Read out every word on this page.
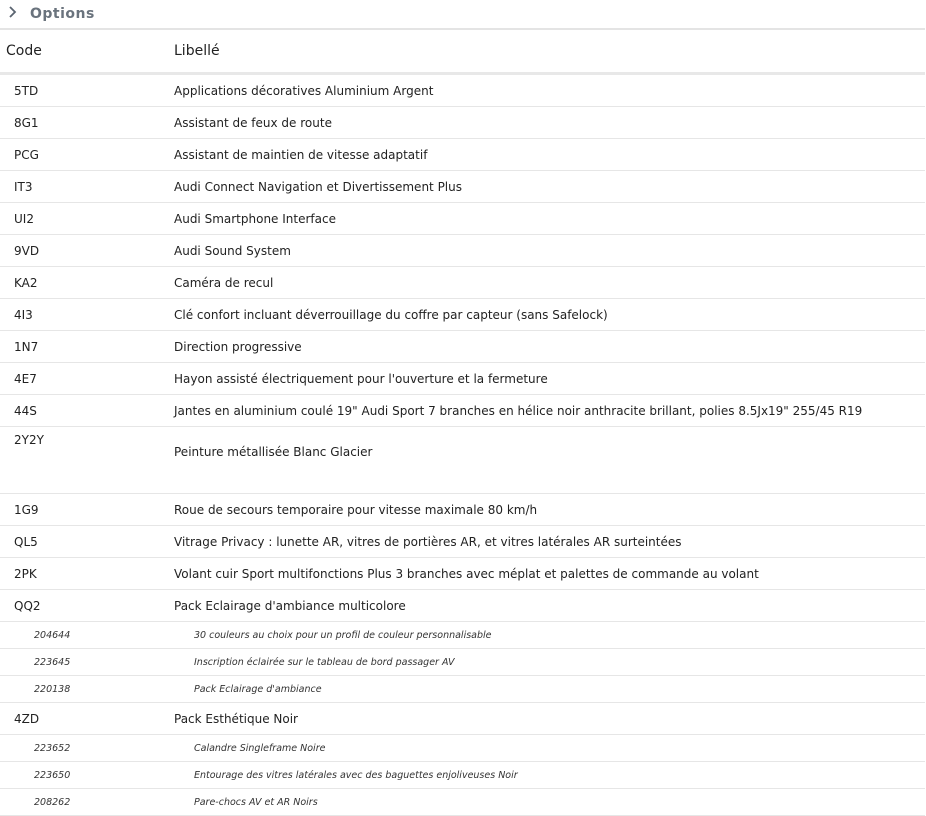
Options
Code	Libellé
5TD	Applications décoratives Aluminium Argent
8G1	Assistant de feux de route
PCG	Assistant de maintien de vitesse adaptatif
IT3	Audi Connect Navigation et Divertissement Plus
UI2	Audi Smartphone Interface
9VD	Audi Sound System
KA2	Caméra de recul
4I3	Clé confort incluant déverrouillage du coffre par capteur (sans Safelock)
1N7	Direction progressive
4E7	Hayon assisté électriquement pour l'ouverture et la fermeture
44S	Jantes en aluminium coulé 19" Audi Sport 7 branches en hélice noir anthracite brillant, polies 8.5Jx19" 255/45 R19
2Y2Y	Peinture métallisée Blanc Glacier
1G9	Roue de secours temporaire pour vitesse maximale 80 km/h
QL5	Vitrage Privacy : lunette AR, vitres de portières AR, et vitres latérales AR surteintées
2PK	Volant cuir Sport multifonctions Plus 3 branches avec méplat et palettes de commande au volant
QQ2	Pack Eclairage d'ambiance multicolore
204644	30 couleurs au choix pour un profil de couleur personnalisable
223645	Inscription éclairée sur le tableau de bord passager AV
220138	Pack Eclairage d'ambiance
4ZD	Pack Esthétique Noir
223652	Calandre Singleframe Noire
223650	Entourage des vitres latérales avec des baguettes enjoliveuses Noir
208262	Pare-chocs AV et AR Noirs
